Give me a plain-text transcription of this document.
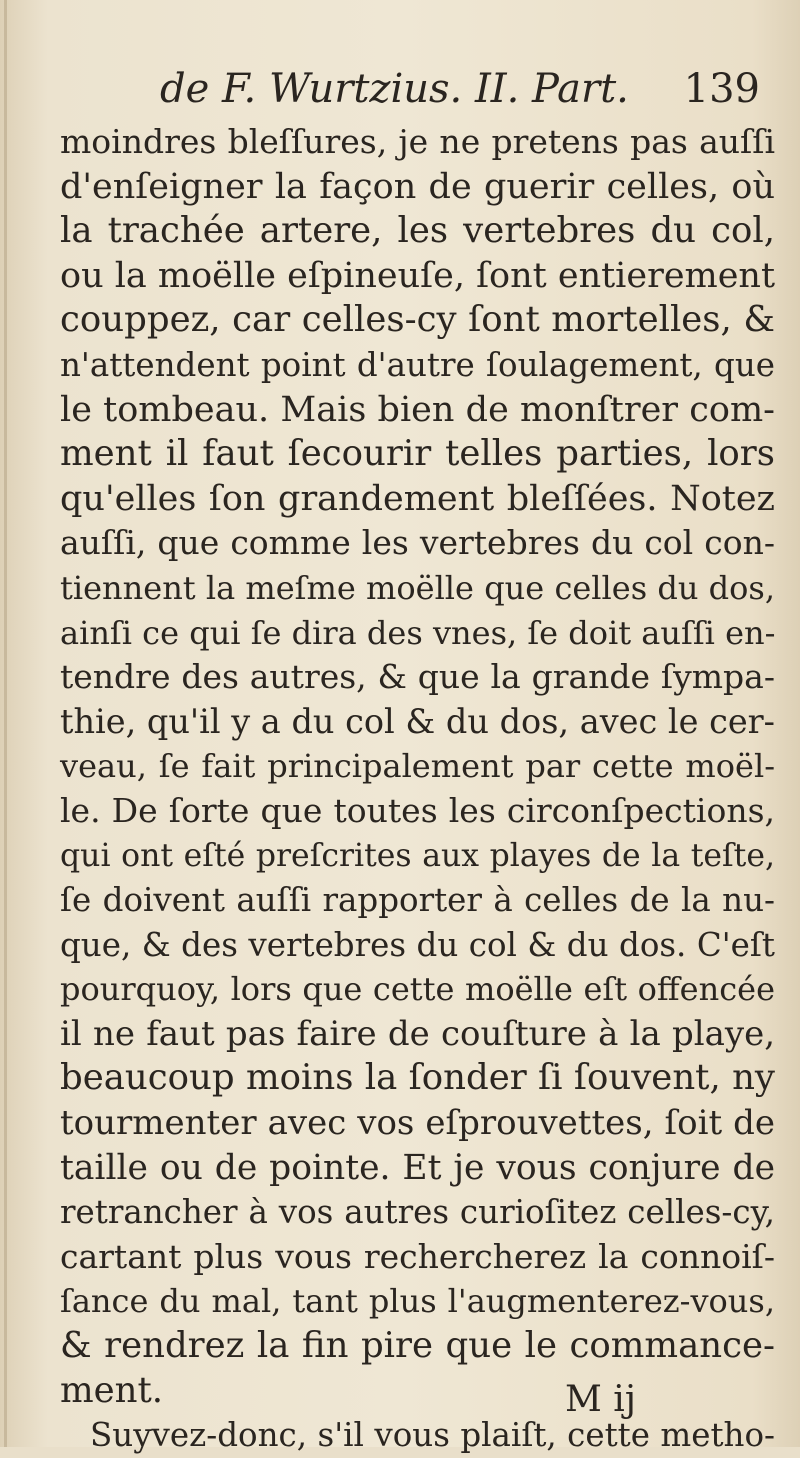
de F. Wurtzius. II. Part. 139
moindres bleſſures, je ne pretens pas auſſi
d'enſeigner la façon de guerir celles, où
la trachée artere, les vertebres du col,
ou la moëlle eſpineuſe, ſont entierement
couppez, car celles-cy ſont mortelles, &
n'attendent point d'autre ſoulagement, que
le tombeau. Mais bien de monſtrer com-
ment il faut ſecourir telles parties, lors
qu'elles ſon grandement bleſſées. Notez
auſſi, que comme les vertebres du col con-
tiennent la meſme moëlle que celles du dos,
ainſi ce qui ſe dira des vnes, ſe doit auſſi en-
tendre des autres, & que la grande ſympa-
thie, qu'il y a du col & du dos, avec le cer-
veau, ſe fait principalement par cette moël-
le. De ſorte que toutes les circonſpections,
qui ont eſté preſcrites aux playes de la teſte,
ſe doivent auſſi rapporter à celles de la nu-
que, & des vertebres du col & du dos. C'eſt
pourquoy, lors que cette moëlle eſt offencée
il ne faut pas faire de couſture à la playe,
beaucoup moins la ſonder ſi ſouvent, ny
tourmenter avec vos eſprouvettes, ſoit de
taille ou de pointe. Et je vous conjure de
retrancher à vos autres curioſitez celles-cy,
cartant plus vous rechercherez la connoiſ-
ſance du mal, tant plus l'augmenterez-vous,
& rendrez la fin pire que le commance-
ment.
Suyvez-donc, s'il vous plaiſt, cette metho-
M ij
